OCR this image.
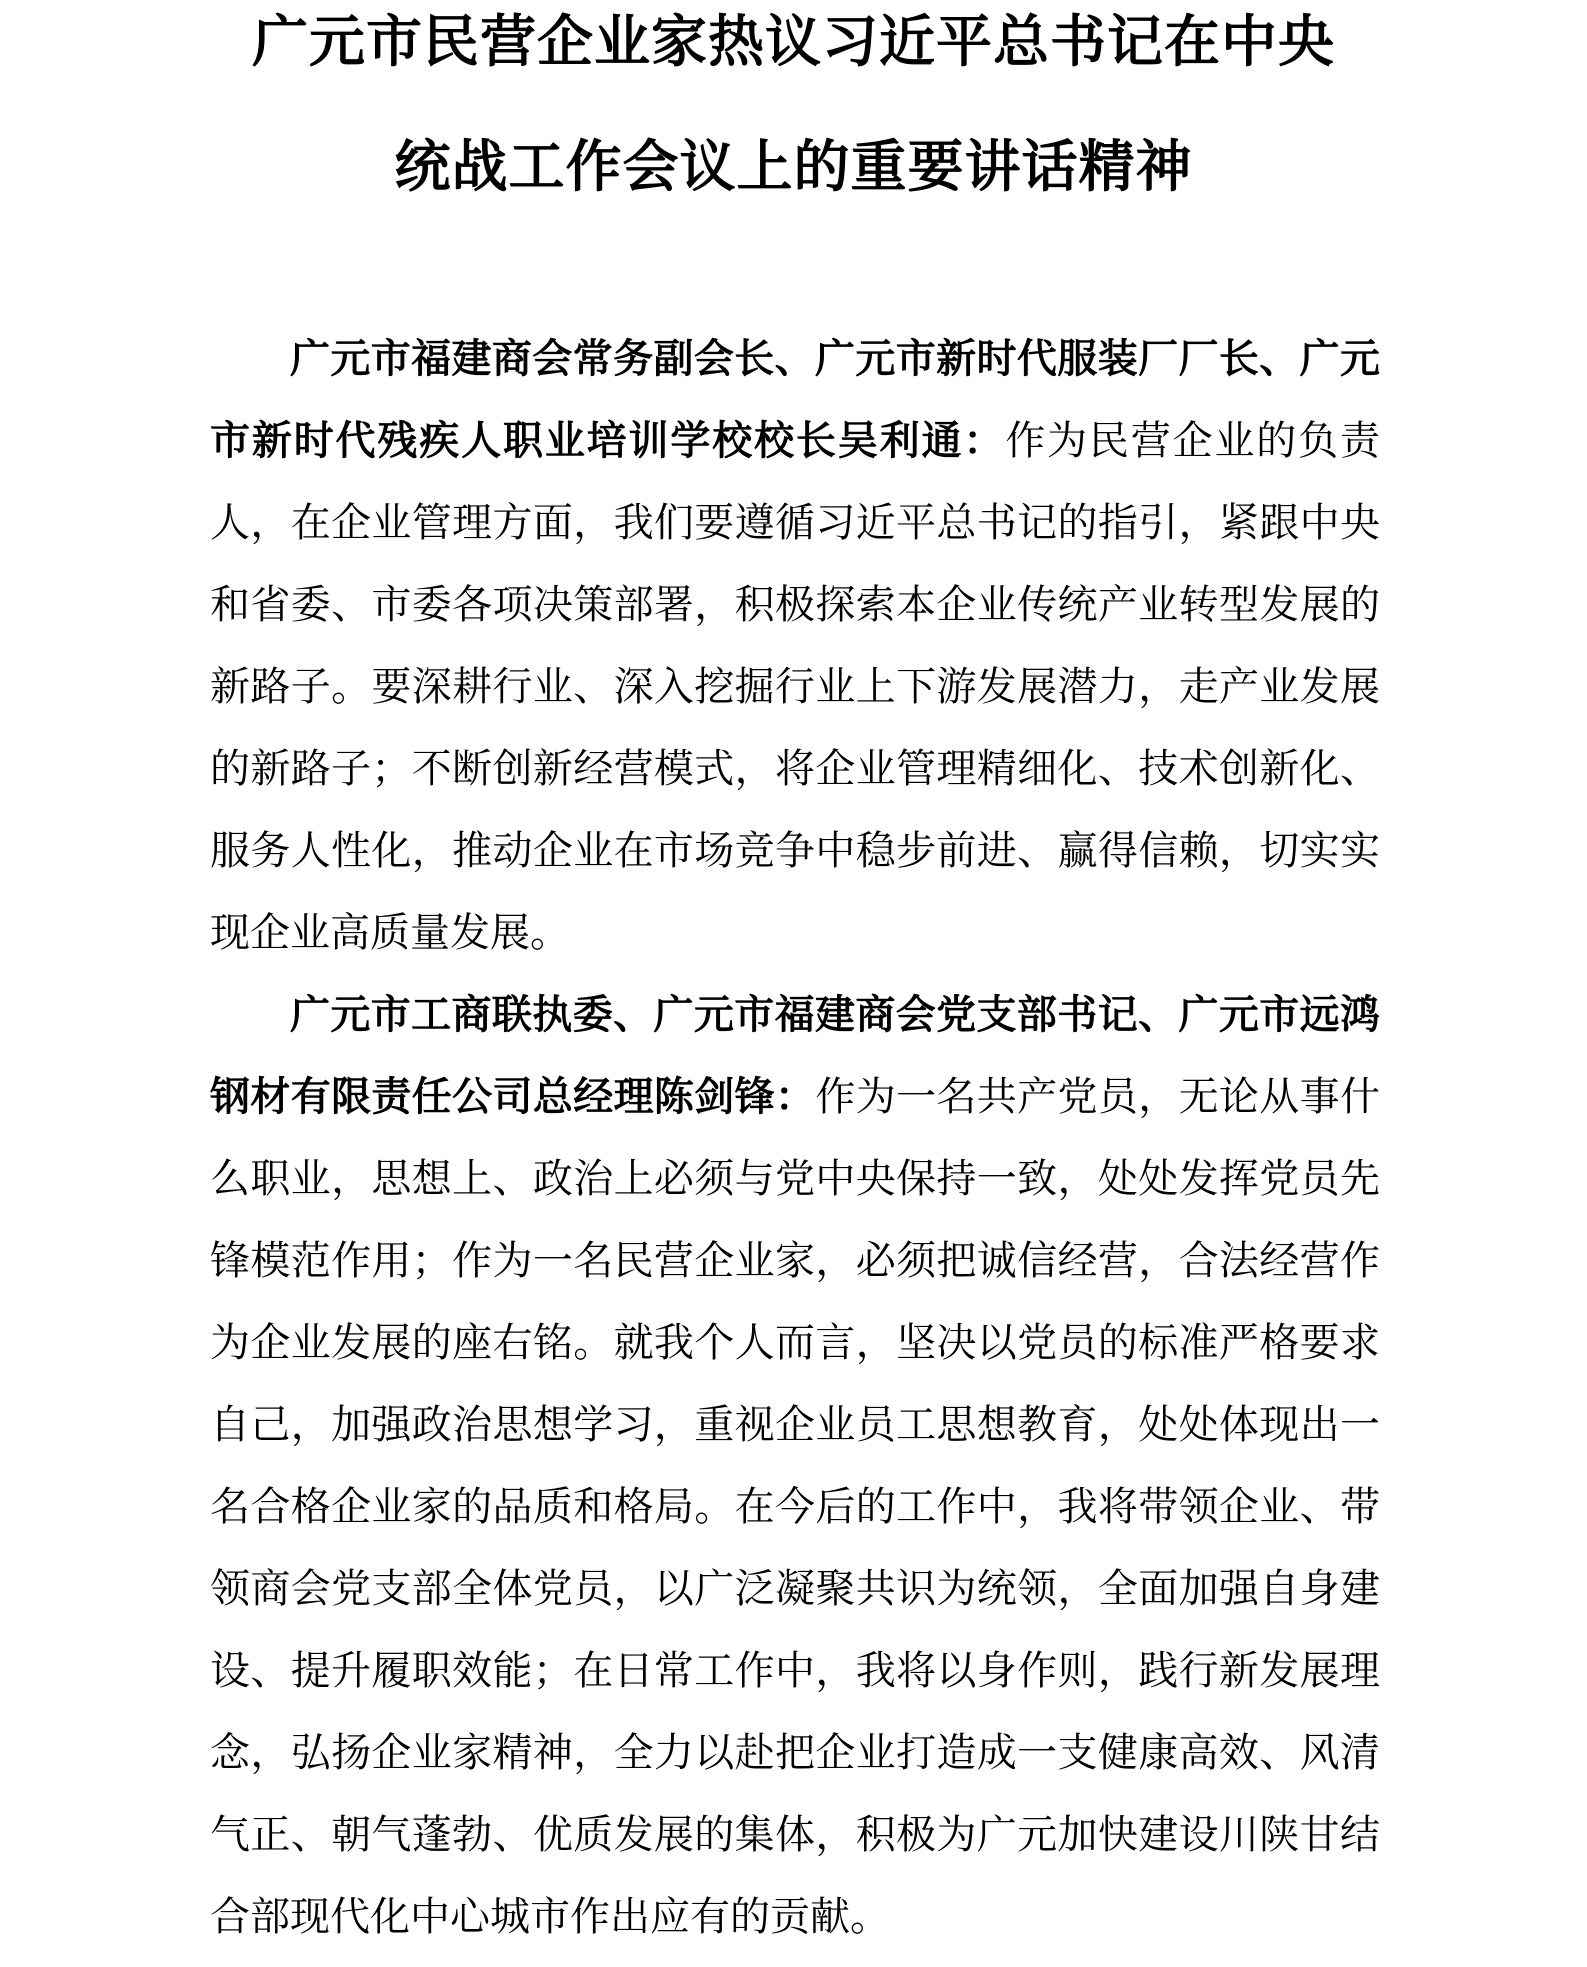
广元市民营企业家热议习近平总书记在中央
统战工作会议上的重要讲话精神

广元市福建商会常务副会长、广元市新时代服装厂厂长、广元市新时代残疾人职业培训学校校长吴利通：作为民营企业的负责人，在企业管理方面，我们要遵循习近平总书记的指引，紧跟中央和省委、市委各项决策部署，积极探索本企业传统产业转型发展的新路子。要深耕行业、深入挖掘行业上下游发展潜力，走产业发展的新路子；不断创新经营模式，将企业管理精细化、技术创新化、服务人性化，推动企业在市场竞争中稳步前进、赢得信赖，切实实现企业高质量发展。

广元市工商联执委、广元市福建商会党支部书记、广元市远鸿钢材有限责任公司总经理陈剑锋：作为一名共产党员，无论从事什么职业，思想上、政治上必须与党中央保持一致，处处发挥党员先锋模范作用；作为一名民营企业家，必须把诚信经营，合法经营作为企业发展的座右铭。就我个人而言，坚决以党员的标准严格要求自己，加强政治思想学习，重视企业员工思想教育，处处体现出一名合格企业家的品质和格局。在今后的工作中，我将带领企业、带领商会党支部全体党员，以广泛凝聚共识为统领，全面加强自身建设、提升履职效能；在日常工作中，我将以身作则，践行新发展理念，弘扬企业家精神，全力以赴把企业打造成一支健康高效、风清气正、朝气蓬勃、优质发展的集体，积极为广元加快建设川陕甘结合部现代化中心城市作出应有的贡献。
